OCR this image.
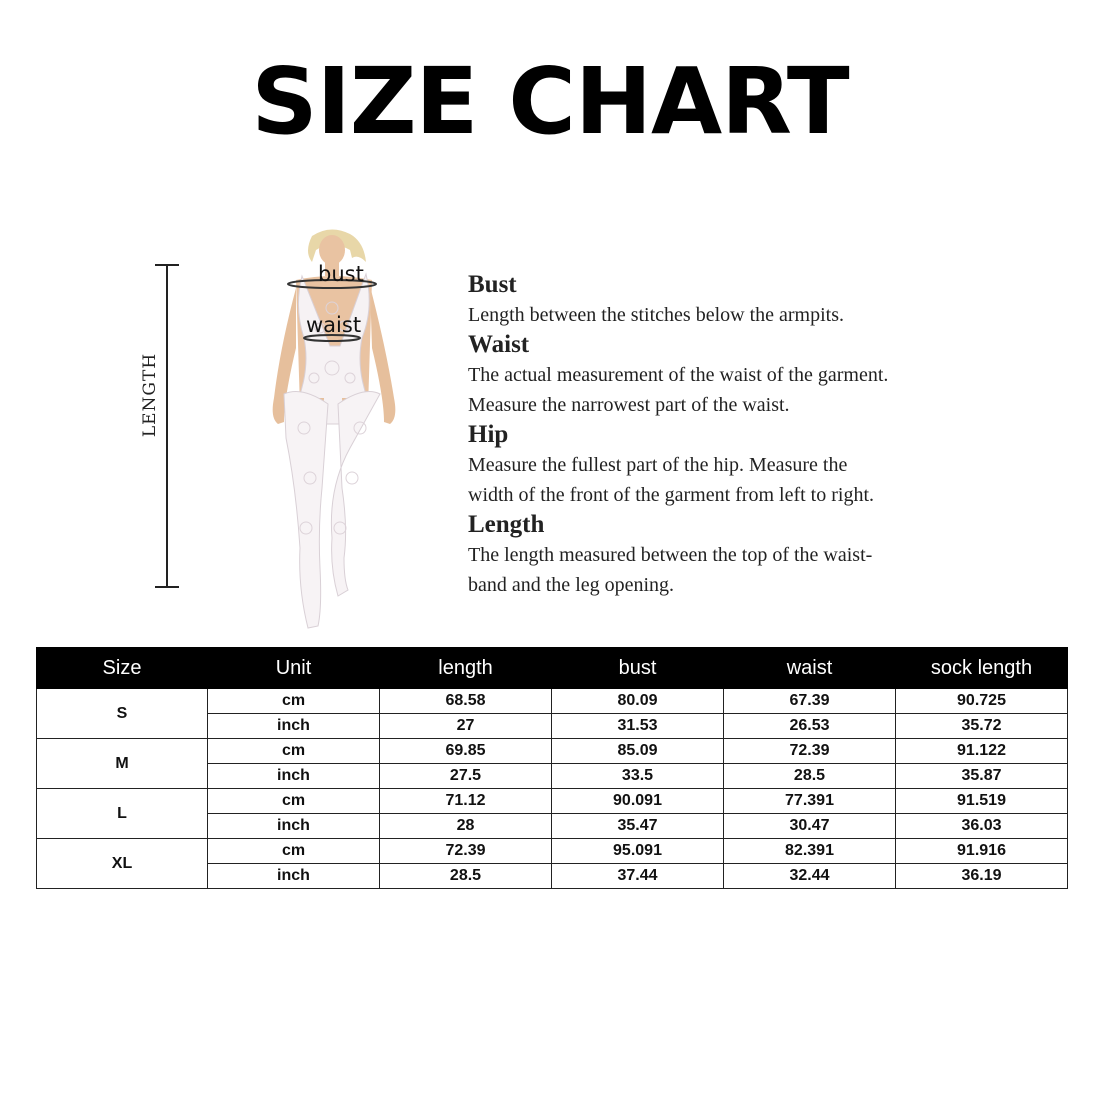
SIZE CHART
LENGTH
bust
waist
Bust
Length between the stitches below the armpits.
Waist
The actual measurement of the waist of the garment.
Measure the narrowest part of the waist.
Hip
Measure the fullest part of the hip. Measure the
width of the front of the garment from left to right.
Length
The length measured between the top of the waist-
band and the leg opening.
Size	Unit	length	bust	waist	sock length
S	cm	68.58	80.09	67.39	90.725
	inch	27	31.53	26.53	35.72
M	cm	69.85	85.09	72.39	91.122
	inch	27.5	33.5	28.5	35.87
L	cm	71.12	90.091	77.391	91.519
	inch	28	35.47	30.47	36.03
XL	cm	72.39	95.091	82.391	91.916
	inch	28.5	37.44	32.44	36.19
